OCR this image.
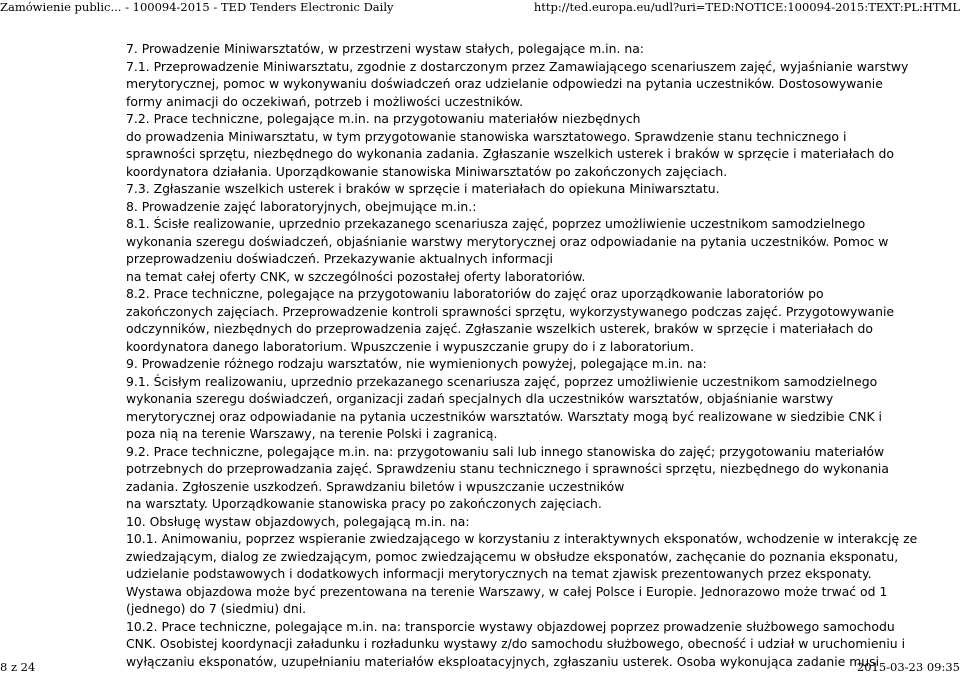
Zamówienie public... - 100094-2015 - TED Tenders Electronic Daily	http://ted.europa.eu/udl?uri=TED:NOTICE:100094-2015:TEXT:PL:HTML
7. Prowadzenie Miniwarsztatów, w przestrzeni wystaw stałych, polegające m.in. na:
7.1. Przeprowadzenie Miniwarsztatu, zgodnie z dostarczonym przez Zamawiającego scenariuszem zajęć, wyjaśnianie warstwy
merytorycznej, pomoc w wykonywaniu doświadczeń oraz udzielanie odpowiedzi na pytania uczestników. Dostosowywanie
formy animacji do oczekiwań, potrzeb i możliwości uczestników.
7.2. Prace techniczne, polegające m.in. na przygotowaniu materiałów niezbędnych
do prowadzenia Miniwarsztatu, w tym przygotowanie stanowiska warsztatowego. Sprawdzenie stanu technicznego i
sprawności sprzętu, niezbędnego do wykonania zadania. Zgłaszanie wszelkich usterek i braków w sprzęcie i materiałach do
koordynatora działania. Uporządkowanie stanowiska Miniwarsztatów po zakończonych zajęciach.
7.3. Zgłaszanie wszelkich usterek i braków w sprzęcie i materiałach do opiekuna Miniwarsztatu.
8. Prowadzenie zajęć laboratoryjnych, obejmujące m.in.:
8.1. Ścisłe realizowanie, uprzednio przekazanego scenariusza zajęć, poprzez umożliwienie uczestnikom samodzielnego
wykonania szeregu doświadczeń, objaśnianie warstwy merytorycznej oraz odpowiadanie na pytania uczestników. Pomoc w
przeprowadzeniu doświadczeń. Przekazywanie aktualnych informacji
na temat całej oferty CNK, w szczególności pozostałej oferty laboratoriów.
8.2. Prace techniczne, polegające na przygotowaniu laboratoriów do zajęć oraz uporządkowanie laboratoriów po
zakończonych zajęciach. Przeprowadzenie kontroli sprawności sprzętu, wykorzystywanego podczas zajęć. Przygotowywanie
odczynników, niezbędnych do przeprowadzenia zajęć. Zgłaszanie wszelkich usterek, braków w sprzęcie i materiałach do
koordynatora danego laboratorium. Wpuszczenie i wypuszczanie grupy do i z laboratorium.
9. Prowadzenie różnego rodzaju warsztatów, nie wymienionych powyżej, polegające m.in. na:
9.1. Ścisłym realizowaniu, uprzednio przekazanego scenariusza zajęć, poprzez umożliwienie uczestnikom samodzielnego
wykonania szeregu doświadczeń, organizacji zadań specjalnych dla uczestników warsztatów, objaśnianie warstwy
merytorycznej oraz odpowiadanie na pytania uczestników warsztatów. Warsztaty mogą być realizowane w siedzibie CNK i
poza nią na terenie Warszawy, na terenie Polski i zagranicą.
9.2. Prace techniczne, polegające m.in. na: przygotowaniu sali lub innego stanowiska do zajęć; przygotowaniu materiałów
potrzebnych do przeprowadzania zajęć. Sprawdzeniu stanu technicznego i sprawności sprzętu, niezbędnego do wykonania
zadania. Zgłoszenie uszkodzeń. Sprawdzaniu biletów i wpuszczanie uczestników
na warsztaty. Uporządkowanie stanowiska pracy po zakończonych zajęciach.
10. Obsługę wystaw objazdowych, polegającą m.in. na:
10.1. Animowaniu, poprzez wspieranie zwiedzającego w korzystaniu z interaktywnych eksponatów, wchodzenie w interakcję ze
zwiedzającym, dialog ze zwiedzającym, pomoc zwiedzającemu w obsłudze eksponatów, zachęcanie do poznania eksponatu,
udzielanie podstawowych i dodatkowych informacji merytorycznych na temat zjawisk prezentowanych przez eksponaty.
Wystawa objazdowa może być prezentowana na terenie Warszawy, w całej Polsce i Europie. Jednorazowo może trwać od 1
(jednego) do 7 (siedmiu) dni.
10.2. Prace techniczne, polegające m.in. na: transporcie wystawy objazdowej poprzez prowadzenie służbowego samochodu
CNK. Osobistej koordynacji załadunku i rozładunku wystawy z/do samochodu służbowego, obecność i udział w uruchomieniu i
wyłączaniu eksponatów, uzupełnianiu materiałów eksploatacyjnych, zgłaszaniu usterek. Osoba wykonująca zadanie musi
8 z 24	2015-03-23 09:35
